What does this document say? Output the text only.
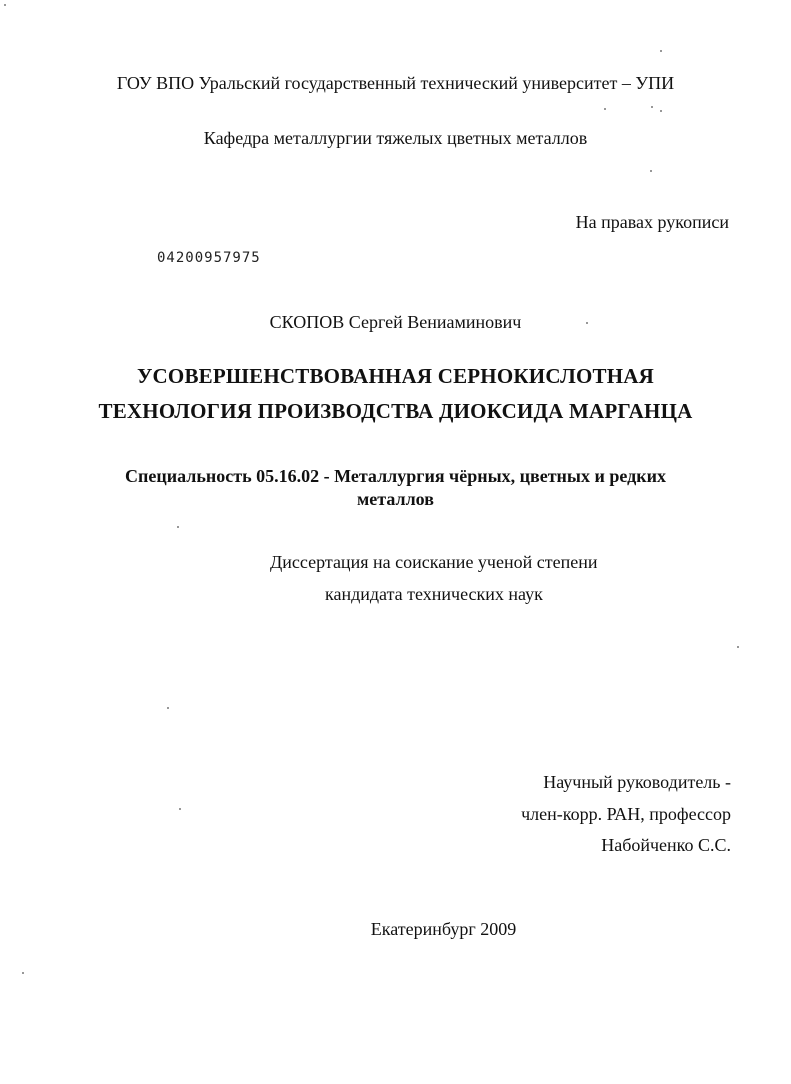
ГОУ ВПО Уральский государственный технический университет – УПИ
Кафедра металлургии тяжелых цветных металлов
На правах рукописи
04200957975
СКОПОВ Сергей Вениаминович
УСОВЕРШЕНСТВОВАННАЯ СЕРНОКИСЛОТНАЯ
ТЕХНОЛОГИЯ ПРОИЗВОДСТВА ДИОКСИДА МАРГАНЦА
Специальность 05.16.02 - Металлургия чёрных, цветных и редких
металлов
Диссертация на соискание ученой степени
кандидата технических наук
Научный руководитель -
член-корр. РАН, профессор
Набойченко С.С.
Екатеринбург 2009
